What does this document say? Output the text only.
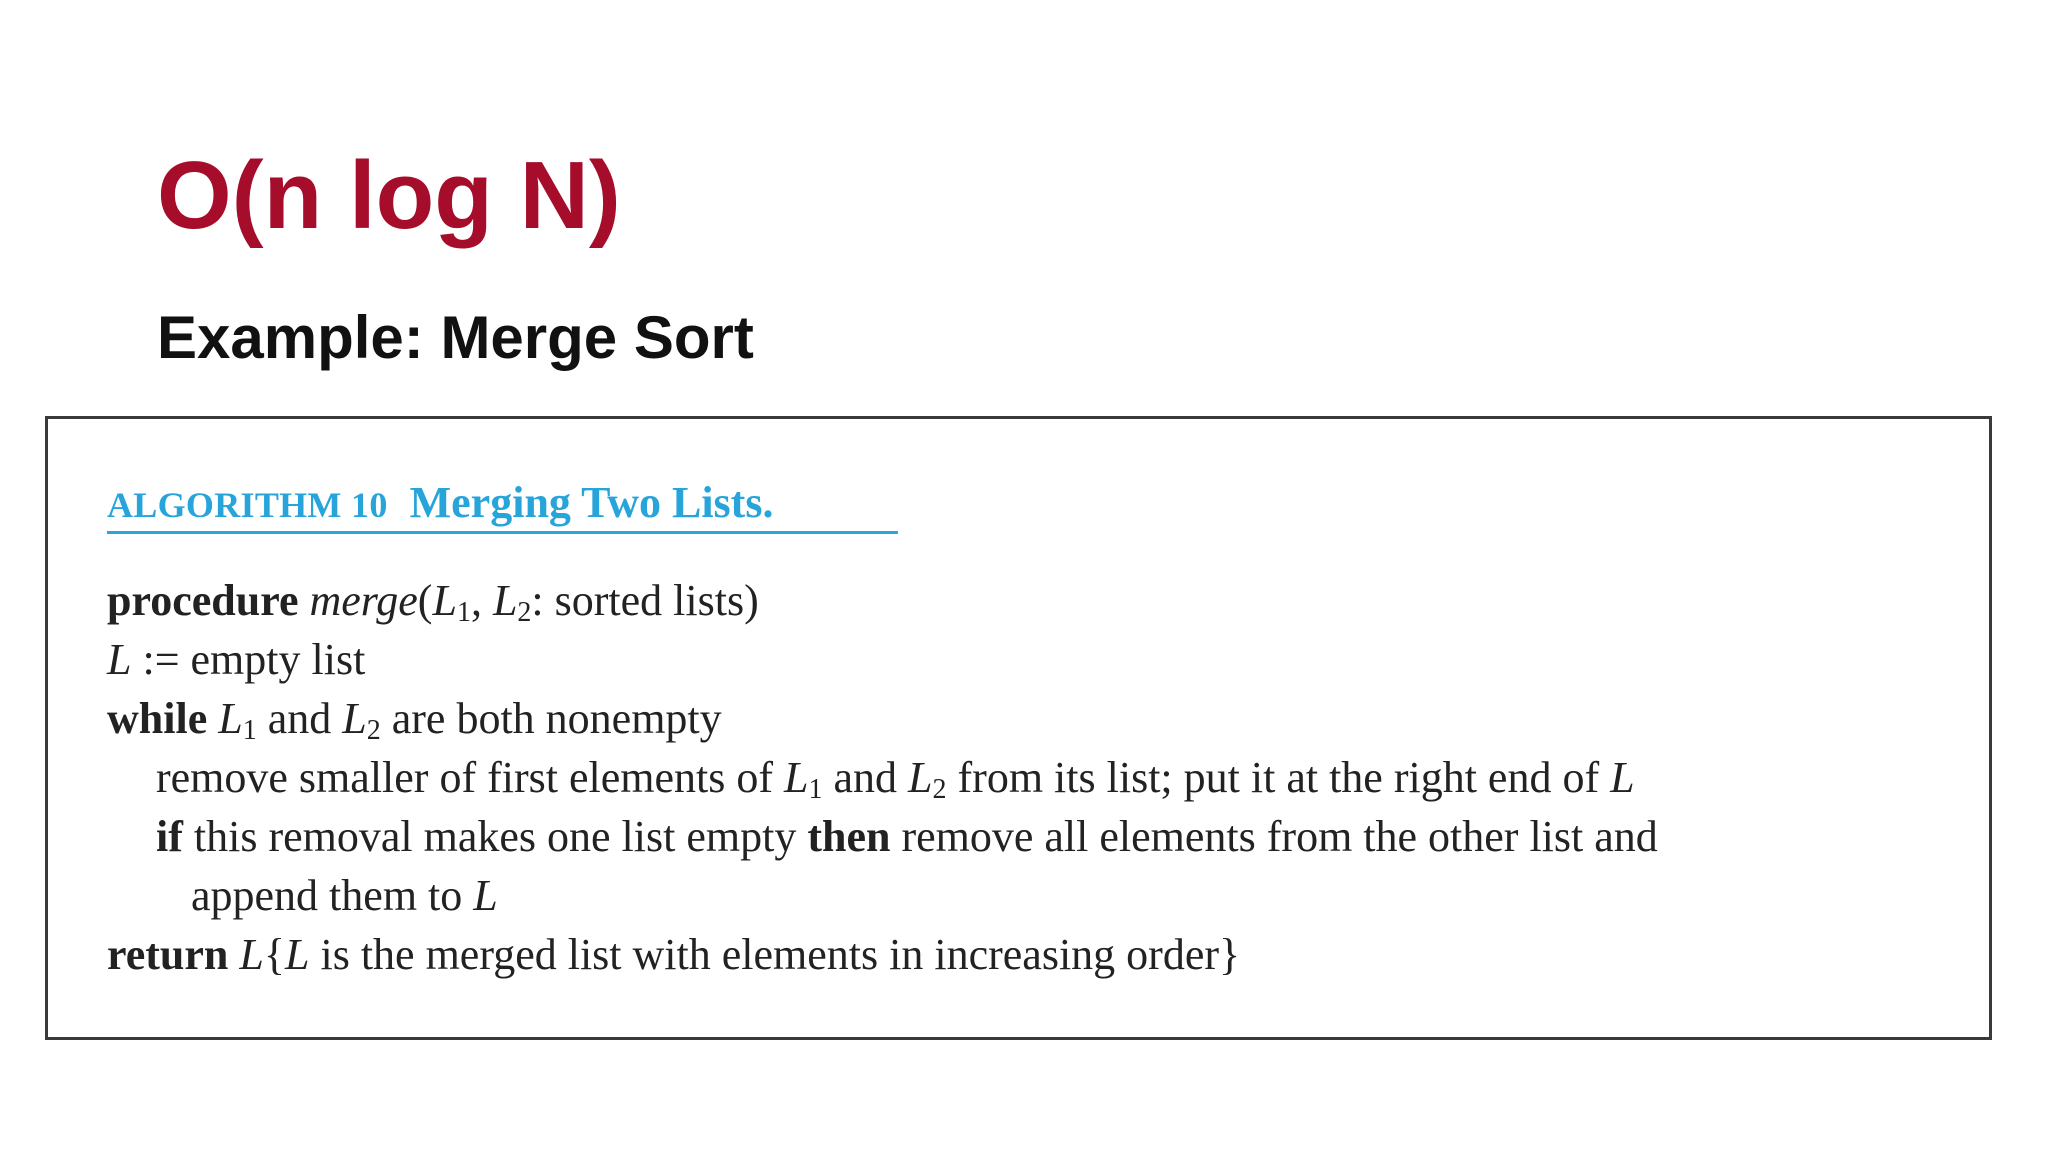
O(n log N)
Example: Merge Sort
ALGORITHM 10 Merging Two Lists.
procedure $merge(L_1$, $L_2$: sorted lists)
L := empty list
while $L_1$ and $L_2$ are both nonempty
remove smaller of first elements of $L_1$ and $L_2$ from its list; put it at the right end of L
if this removal makes one list empty then remove all elements from the other list and
append them to L
return L{L is the merged list with elements in increasing order}
